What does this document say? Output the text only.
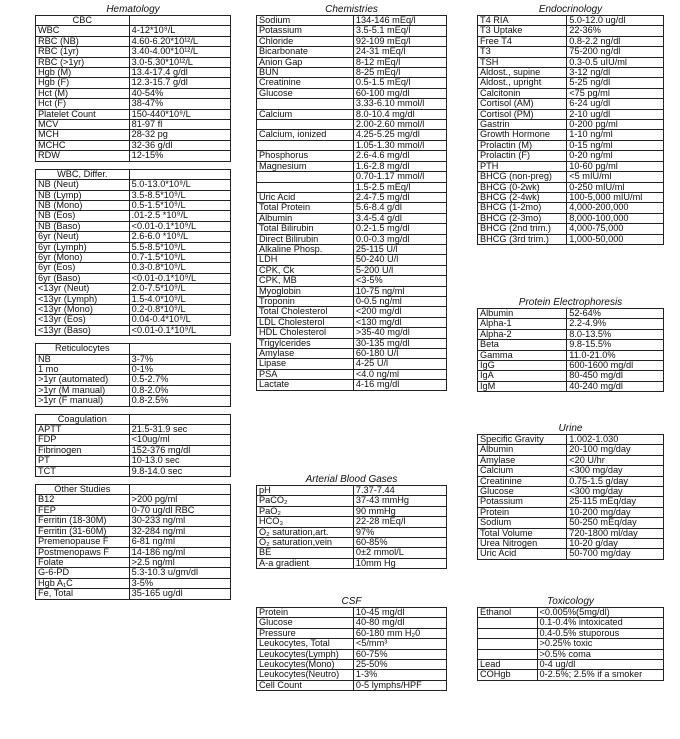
Hematology
CBC	
WBC	4-12*10⁹/L
RBC (NB)	4.60-6.20*10¹²/L
RBC (1yr)	3.40-4.00*10¹²/L
RBC (>1yr)	3.0-5.30*10¹²/L
Hgb (M)	13.4-17.4 g/dl
Hgb (F)	12.3-15.7 g/dl
Hct (M)	40-54%
Hct (F)	38-47%
Platelet Count	150-440*10⁹/L
MCV	81-97 fl
MCH	28-32 pg
MCHC	32-36 g/dl
RDW	12-15%
WBC, Differ.	
NB (Neut)	5.0-13.0*10⁹/L
NB (Lymp)	3.5-8.5*10⁹/L
NB (Mono)	0.5-1.5*10⁹/L
NB (Eos)	.01-2.5 *10⁹/L
NB (Baso)	<0.01-0.1*10⁹/L
6yr (Neut)	2.6-6.0 *10⁹/L
6yr (Lymph)	5.5-8.5*10⁹/L
6yr (Mono)	0.7-1.5*10⁹/L
6yr (Eos)	0.3-0.8*10⁹/L
6yr (Baso)	<0.01-0.1*10⁹/L
<13yr (Neut)	2.0-7.5*10⁹/L
<13yr (Lymph)	1.5-4.0*10⁹/L
<13yr (Mono)	0.2-0.8*10⁹/L
<13yr (Eos)	0.04-0.4*10⁹/L
<13yr (Baso)	<0.01-0.1*10⁹/L
Reticulocytes	
NB	3-7%
1 mo	0-1%
>1yr (automated)	0.5-2.7%
>1yr (M manual)	0.8-2.0%
>1yr (F manual)	0.8-2.5%
Coagulation	
APTT	21.5-31.9 sec
FDP	<10ug/ml
Fibrinogen	152-376 mg/dl
PT	10-13.0 sec
TCT	9.8-14.0 sec
Other Studies	
B12	>200 pg/ml
FEP	0-70 ug/dl RBC
Ferritin (18-30M)	30-233 ng/ml
Ferritin (31-60M)	32-284 ng/ml
Premenopause F	6-81 ng/ml
Postmenopaws F	14-186 ng/ml
Folate	>2.5 ng/ml
G-6-PD	5.3-10.3 u/gm/dl
Hgb A₁C	3-5%
Fe, Total	35-165 ug/dl
Chemistries
Sodium	134-146 mEq/l
Potassium	3.5-5.1 mEq/l
Chloride	92-109 mEq/l
Bicarbonate	24-31 mEq/l
Anion Gap	8-12 mEq/l
BUN	8-25 mEq/l
Creatinine	0.5-1.5 mEq/l
Glucose	60-100 mg/dl
	3.33-6.10 mmol/l
Calcium	8.0-10.4 mg/dl
	2.00-2.60 mmol/l
Calcium, ionized	4.25-5.25 mg/dl
	1.05-1.30 mmol/l
Phosphorus	2.6-4.6 mg/dl
Magnesium	1.6-2.8 mg/dl
	0.70-1.17 mmol/l
	1.5-2.5 mEq/l
Uric Acid	2.4-7.5 mg/dl
Total Protein	5.6-8.4 g/dl
Albumin	3.4-5.4 g/dl
Total Bilirubin	0.2-1.5 mg/dl
Direct Bilirubin	0.0-0.3 mg/dl
Alkaline Phosp.	25-115 U/l
LDH	50-240 U/l
CPK, Ck	5-200 U/l
CPK, MB	<3-5%
Myoglobin	10-75 ng/ml
Troponin	0-0.5 ng/ml
Total Cholesterol	<200 mg/dl
LDL Cholesterol	<130 mg/dl
HDL Cholesterol	>35-40 mg/dl
Trigylcerides	30-135 mg/dl
Amylase	60-180 U/l
Lipase	4-25 U/l
PSA	<4.0 ng/ml
Lactate	4-16 mg/dl
Arterial Blood Gases
pH	7.37-7.44
PaCO₂	37-43 mmHg
PaO₂	90 mmHg
HCO₃	22-28 mEq/l
O₂ saturation,art.	97%
O₂ saturation,vein	60-85%
BE	0±2 mmol/L
A-a gradient	10mm Hg
CSF
Protein	10-45 mg/dl
Glucose	40-80 mg/dl
Pressure	60-180 mm H₂0
Leukocytes, Total	<5/mm³
Leukocytes(Lymph)	60-75%
Leukocytes(Mono)	25-50%
Leukocytes(Neutro)	1-3%
Cell Count	0-5 lymphs/HPF
Endocrinology
T4 RIA	5.0-12.0 ug/dl
T3 Uptake	22-36%
Free T4	0.8-2.2 ng/dl
T3	75-200 ng/dl
TSH	0.3-0.5 uIU/ml
Aldost., supine	3-12 ng/dl
Aldost., upright	5-25 ng/dl
Calcitonin	<75 pg/ml
Cortisol (AM)	6-24 ug/dl
Cortisol (PM)	2-10 ug/dl
Gastrin	0-200 pg/ml
Growth Hormone	1-10 ng/ml
Prolactin (M)	0-15 ng/ml
Prolactin (F)	0-20 ng/ml
PTH	10-60 pg/ml
BHCG (non-preg)	<5 mIU/ml
BHCG (0-2wk)	0-250 mIU/ml
BHCG (2-4wk)	100-5,000 mIU/ml
BHCG (1-2mo)	4,000-200,000
BHCG (2-3mo)	8,000-100,000
BHCG (2nd trim.)	4,000-75,000
BHCG (3rd trim.)	1,000-50,000
Protein Electrophoresis
Albumin	52-64%
Alpha-1	2.2-4.9%
Alpha-2	8.0-13.5%
Beta	9.8-15.5%
Gamma	11.0-21.0%
IgG	600-1600 mg/dl
IgA	80-450 mg/dl
IgM	40-240 mg/dl
Urine
Specific Gravity	1.002-1.030
Albumin	20-100 mg/day
Amylase	<20 U/hr
Calcium	<300 mg/day
Creatinine	0.75-1.5 g/day
Glucose	<300 mg/day
Potassium	25-115 mEq/day
Protein	10-200 mg/day
Sodium	50-250 mEq/day
Total Volume	720-1800 ml/day
Urea Nitrogen	10-20 g/day
Uric Acid	50-700 mg/day
Toxicology
Ethanol	<0.005%(5mg/dl)
	0.1-0.4% intoxicated
	0.4-0.5% stuporous
	>0.25% toxic
	>0.5% coma
Lead	0-4 ug/dl
COHgb	0-2.5%; 2.5% if a smoker
